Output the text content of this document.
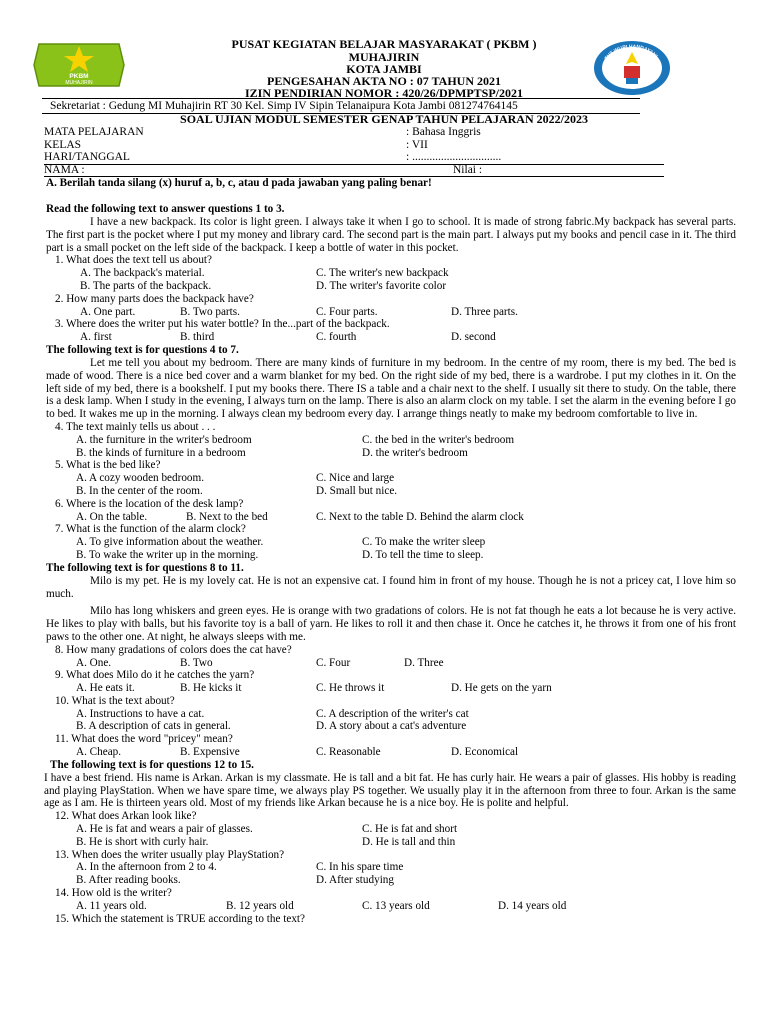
PKBM
MUHAJIRIN
PUSAT KEGIATAN BELAJAR MASYARAKAT ( PKBM )
MUHAJIRIN
KOTA JAMBI
PENGESAHAN AKTA NO : 07 TAHUN 2021
IZIN PENDIRIAN NOMOR : 420/26/DPMPTSP/2021
TUT WURI HANDAYANI
Sekretariat : Gedung MI Muhajirin RT 30 Kel. Simp IV Sipin Telanaipura Kota Jambi 081274764145
SOAL UJIAN MODUL SEMESTER GENAP TAHUN PELAJARAN 2022/2023
MATA PELAJARAN	: Bahasa Inggris
KELAS	: VII
HARI/TANGGAL	: ...............................
NAMA :	Nilai :
A. Berilah tanda silang (x) huruf a, b, c, atau d pada jawaban yang paling benar!
Read the following text to answer questions 1 to 3.

I have a new backpack. Its color is light green. I always take it when I go to school. It is made of strong fabric.My backpack has several parts. The first part is the pocket where I put my money and library card. The second part is the main part. I always put my books and pencil case in it. The third part is a small pocket on the left side of the backpack. I keep a bottle of water in this pocket.

1. What does the text tell us about?
A. The backpack's material.	C. The writer's new backpack
B. The parts of the backpack.	D. The writer's favorite color
2. How many parts does the backpack have?
A. One part.	B. Two parts.	C. Four parts.	D. Three parts.
3. Where does the writer put his water bottle? In the...part of the backpack.
A. first	B. third	C. fourth	D. second
The following text is for questions 4 to 7.

Let me tell you about my bedroom. There are many kinds of furniture in my bedroom. In the centre of my room, there is my bed. The bed is made of wood. There is a nice bed cover and a warm blanket for my bed. On the right side of my bed, there is a wardrobe. I put my clothes in it. On the left side of my bed, there is a bookshelf. I put my books there. There IS a table and a chair next to the shelf. I usually sit there to study. On the table, there is a desk lamp. When I study in the evening, I always turn on the lamp. There is also an alarm clock on my table. I set the alarm in the evening before I go to bed. It wakes me up in the morning. I always clean my bedroom every day. I arrange things neatly to make my bedroom comfortable to live in.

4. The text mainly tells us about . . .
A. the furniture in the writer's bedroom	C. the bed in the writer's bedroom
B. the kinds of furniture in a bedroom	D. the writer's bedroom
5. What is the bed like?
A. A cozy wooden bedroom.	C. Nice and large
B. In the center of the room.	D. Small but nice.
6. Where is the location of the desk lamp?
A. On the table.	B. Next to the bed	C. Next to the table D. Behind the alarm clock
7. What is the function of the alarm clock?
A. To give information about the weather.	C. To make the writer sleep
B. To wake the writer up in the morning.	D. To tell the time to sleep.
The following text is for questions 8 to 11.

Milo is my pet. He is my lovely cat. He is not an expensive cat. I found him in front of my house. Though he is not a pricey cat, I love him so much.

Milo has long whiskers and green eyes. He is orange with two gradations of colors. He is not fat though he eats a lot because he is very active. He likes to play with balls, but his favorite toy is a ball of yarn. He likes to roll it and then chase it. Once he catches it, he throws it from one of his front paws to the other one. At night, he always sleeps with me.

8. How many gradations of colors does the cat have?
A. One.	B. Two	C. Four	D. Three
9. What does Milo do it he catches the yarn?
A. He eats it.	B. He kicks it	C. He throws it	D. He gets on the yarn
10. What is the text about?
A. Instructions to have a cat.	C. A description of the writer's cat
B. A description of cats in general.	D. A story about a cat's adventure
11. What does the word "pricey" mean?
A. Cheap.	B. Expensive	C. Reasonable	D. Economical
The following text is for questions 12 to 15.

I have a best friend. His name is Arkan. Arkan is my classmate. He is tall and a bit fat. He has curly hair. He wears a pair of glasses. His hobby is reading and playing PlayStation. When we have spare time, we always play PS together. We usually play it in the afternoon from three to four. Arkan is the same age as I am. He is thirteen years old. Most of my friends like Arkan because he is a nice boy. He is polite and helpful.

12. What does Arkan look like?
A. He is fat and wears a pair of glasses.	C. He is fat and short
B. He is short with curly hair.	D. He is tall and thin
13. When does the writer usually play PlayStation?
A. In the afternoon from 2 to 4.	C. In his spare time
B. After reading books.	D. After studying
14. How old is the writer?
A. 11 years old.	B. 12 years old	C. 13 years old	D. 14 years old
15. Which the statement is TRUE according to the text?
